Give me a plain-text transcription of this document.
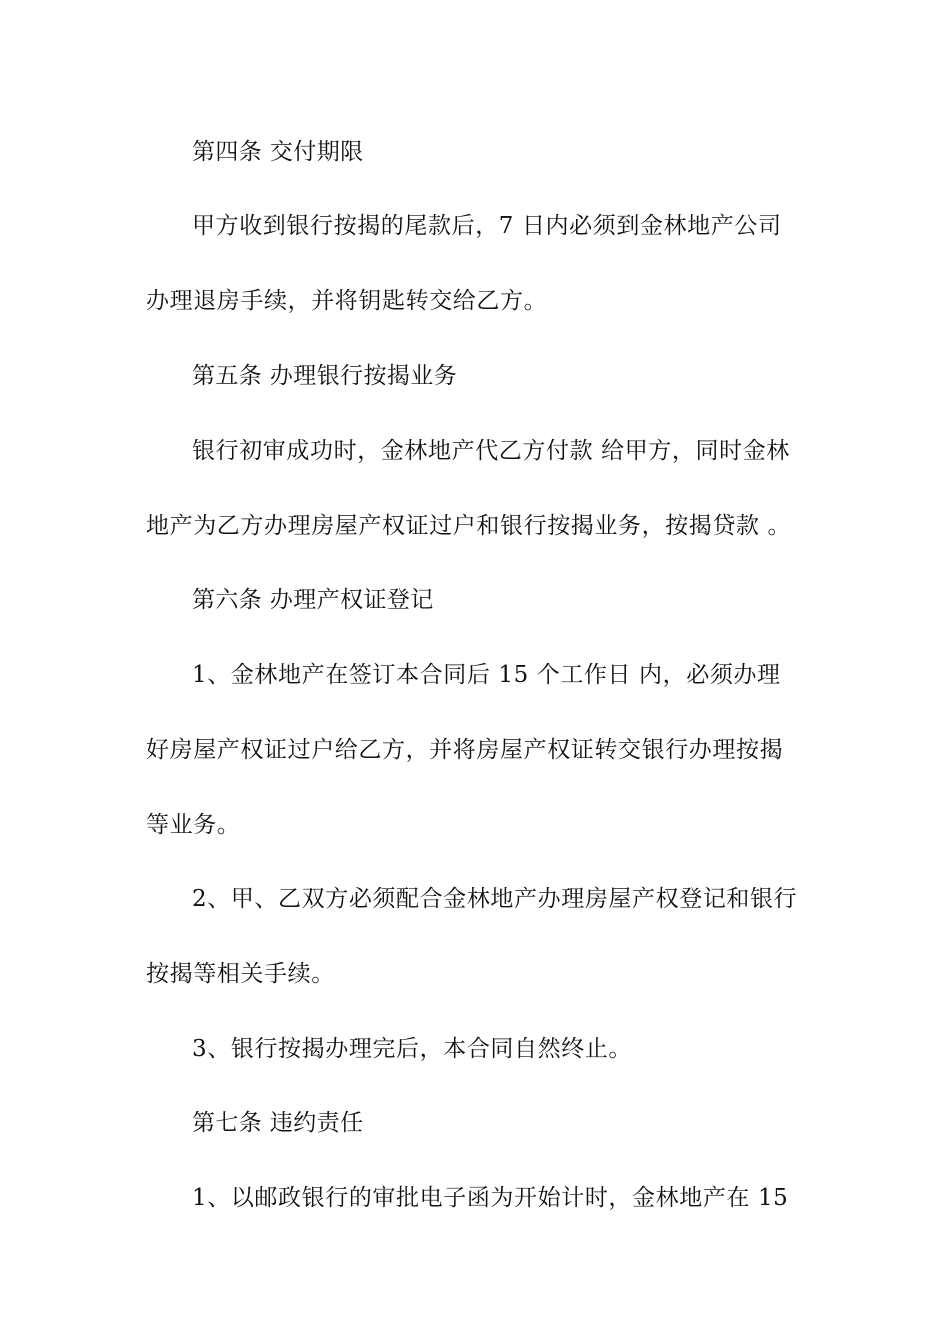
第四条 交付期限
甲方收到银行按揭的尾款后，7 日内必须到金林地产公司
办理退房手续，并将钥匙转交给乙方。
第五条 办理银行按揭业务
银行初审成功时，金林地产代乙方付款 给甲方，同时金林
地产为乙方办理房屋产权证过户和银行按揭业务，按揭贷款 。
第六条 办理产权证登记
1、金林地产在签订本合同后 15 个工作日 内，必须办理
好房屋产权证过户给乙方，并将房屋产权证转交银行办理按揭
等业务。
2、甲、乙双方必须配合金林地产办理房屋产权登记和银行
按揭等相关手续。
3、银行按揭办理完后，本合同自然终止。
第七条 违约责任
1、以邮政银行的审批电子函为开始计时，金林地产在 15
